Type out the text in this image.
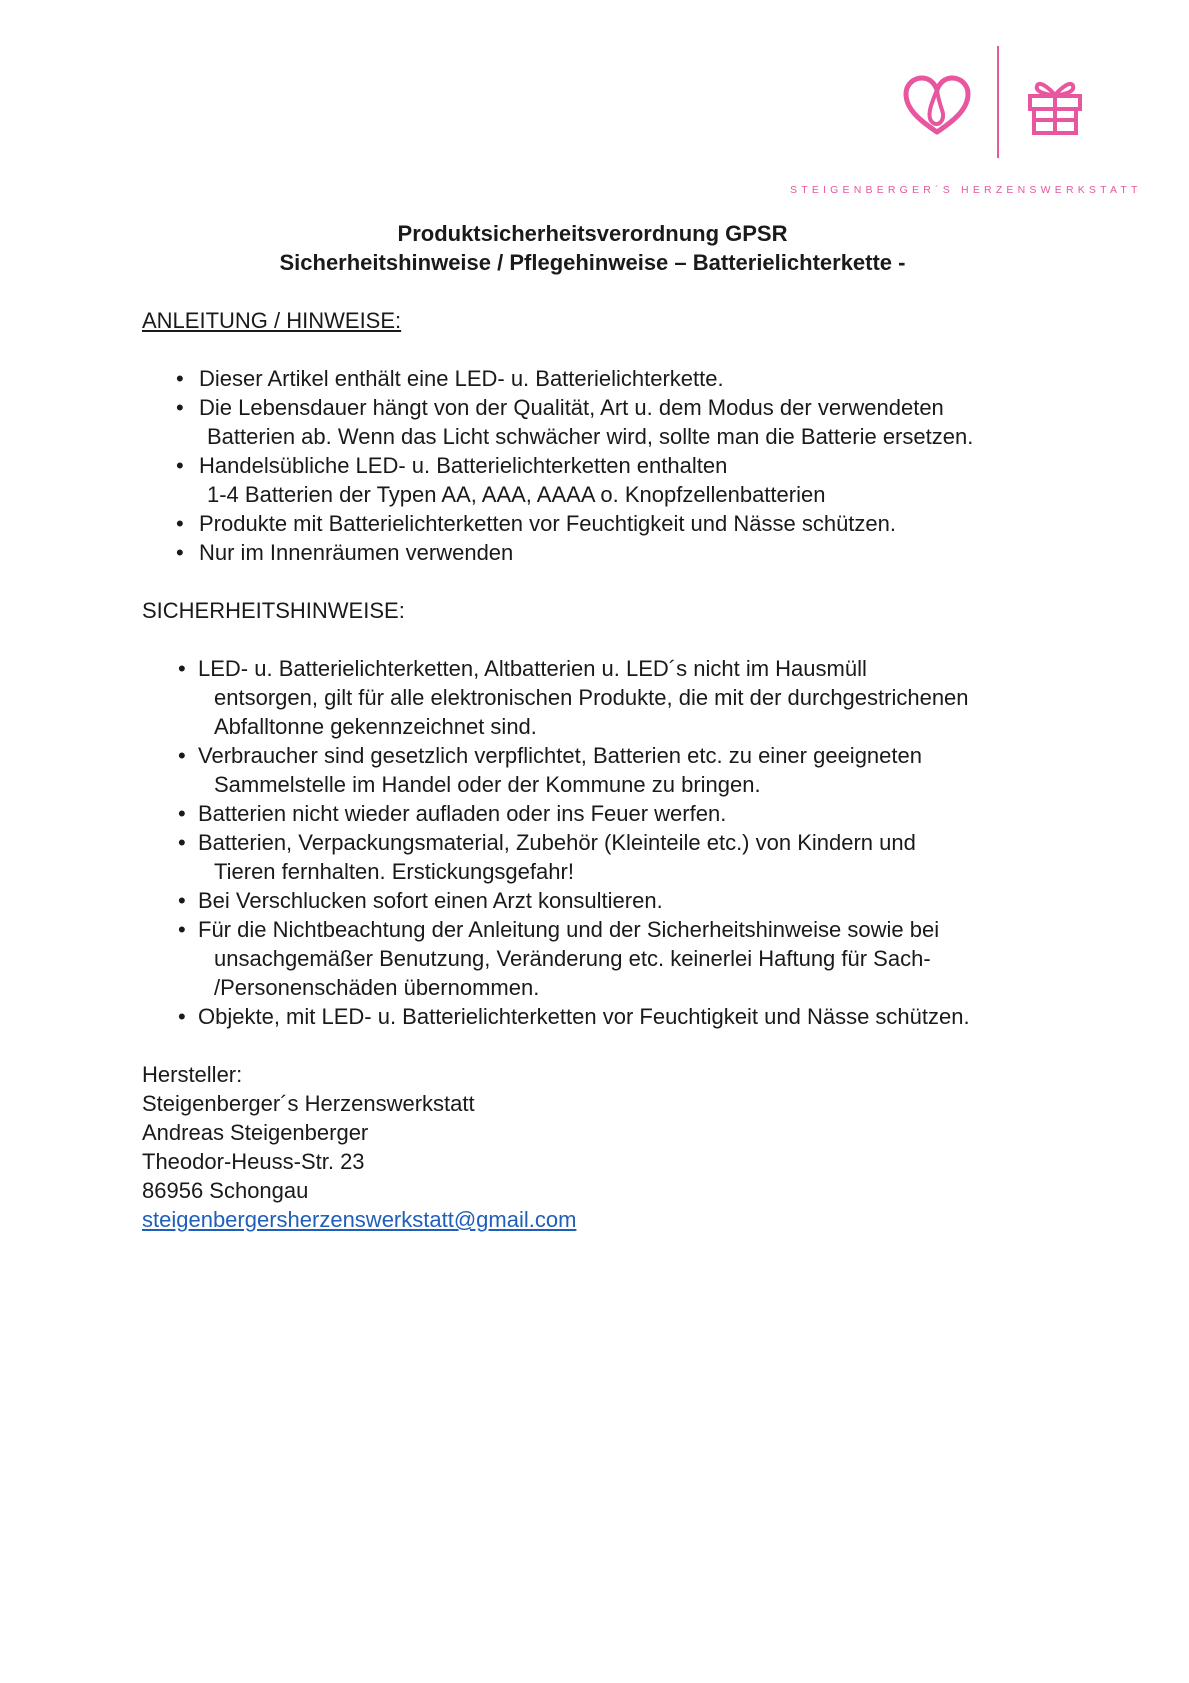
STEIGENBERGER´S HERZENSWERKSTATT

Produktsicherheitsverordnung GPSR
Sicherheitshinweise / Pflegehinweise – Batterielichterkette -

ANLEITUNG / HINWEISE:

• Dieser Artikel enthält eine LED- u. Batterielichterkette.
• Die Lebensdauer hängt von der Qualität, Art u. dem Modus der verwendeten
Batterien ab. Wenn das Licht schwächer wird, sollte man die Batterie ersetzen.
• Handelsübliche LED- u. Batterielichterketten enthalten
1-4 Batterien der Typen AA, AAA, AAAA o. Knopfzellenbatterien
• Produkte mit Batterielichterketten vor Feuchtigkeit und Nässe schützen.
• Nur im Innenräumen verwenden

SICHERHEITSHINWEISE:

• LED- u. Batterielichterketten, Altbatterien u. LED´s nicht im Hausmüll
entsorgen, gilt für alle elektronischen Produkte, die mit der durchgestrichenen
Abfalltonne gekennzeichnet sind.
• Verbraucher sind gesetzlich verpflichtet, Batterien etc. zu einer geeigneten
Sammelstelle im Handel oder der Kommune zu bringen.
• Batterien nicht wieder aufladen oder ins Feuer werfen.
• Batterien, Verpackungsmaterial, Zubehör (Kleinteile etc.) von Kindern und
Tieren fernhalten. Erstickungsgefahr!
• Bei Verschlucken sofort einen Arzt konsultieren.
• Für die Nichtbeachtung der Anleitung und der Sicherheitshinweise sowie bei
unsachgemäßer Benutzung, Veränderung etc. keinerlei Haftung für Sach-
/Personenschäden übernommen.
• Objekte, mit LED- u. Batterielichterketten vor Feuchtigkeit und Nässe schützen.

Hersteller:

Steigenberger´s Herzenswerkstatt

Andreas Steigenberger

Theodor-Heuss-Str. 23

86956 Schongau

steigenbergersherzenswerkstatt@gmail.com
